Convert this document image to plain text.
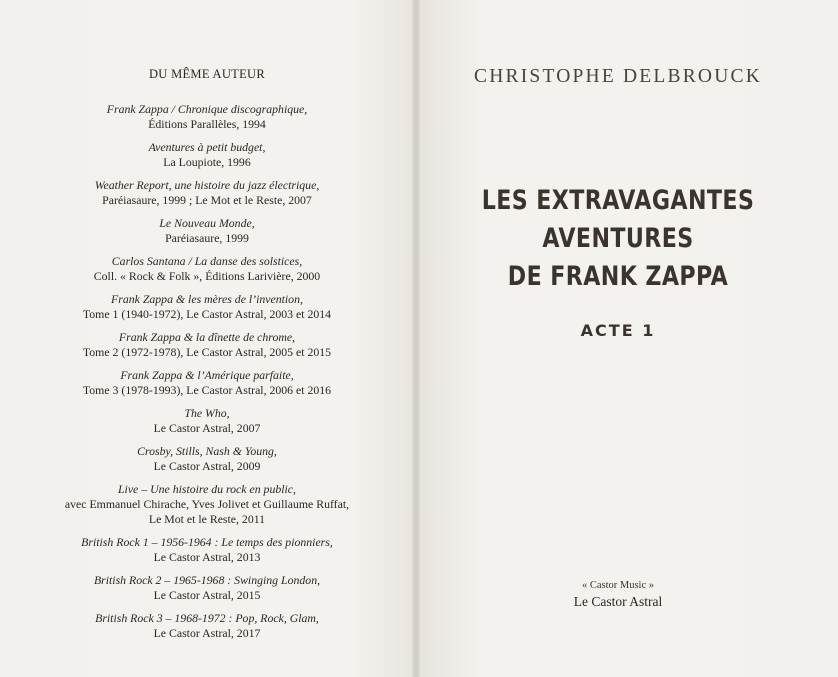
DU MÊME AUTEUR
Frank Zappa / Chronique discographique,
Éditions Parallèles, 1994
Aventures à petit budget,
La Loupiote, 1996
Weather Report, une histoire du jazz électrique,
Paréiasaure, 1999 ; Le Mot et le Reste, 2007
Le Nouveau Monde,
Paréiasaure, 1999
Carlos Santana / La danse des solstices,
Coll. « Rock & Folk », Éditions Larivière, 2000
Frank Zappa & les mères de l’invention,
Tome 1 (1940-1972), Le Castor Astral, 2003 et 2014
Frank Zappa & la dînette de chrome,
Tome 2 (1972-1978), Le Castor Astral, 2005 et 2015
Frank Zappa & l’Amérique parfaite,
Tome 3 (1978-1993), Le Castor Astral, 2006 et 2016
The Who,
Le Castor Astral, 2007
Crosby, Stills, Nash & Young,
Le Castor Astral, 2009
Live – Une histoire du rock en public,
avec Emmanuel Chirache, Yves Jolivet et Guillaume Ruffat,
Le Mot et le Reste, 2011
British Rock 1 – 1956-1964 : Le temps des pionniers,
Le Castor Astral, 2013
British Rock 2 – 1965-1968 : Swinging London,
Le Castor Astral, 2015
British Rock 3 – 1968-1972 : Pop, Rock, Glam,
Le Castor Astral, 2017
CHRISTOPHE DELBROUCK
LES EXTRAVAGANTES
AVENTURES
DE FRANK ZAPPA
ACTE 1
« Castor Music »
Le Castor Astral
